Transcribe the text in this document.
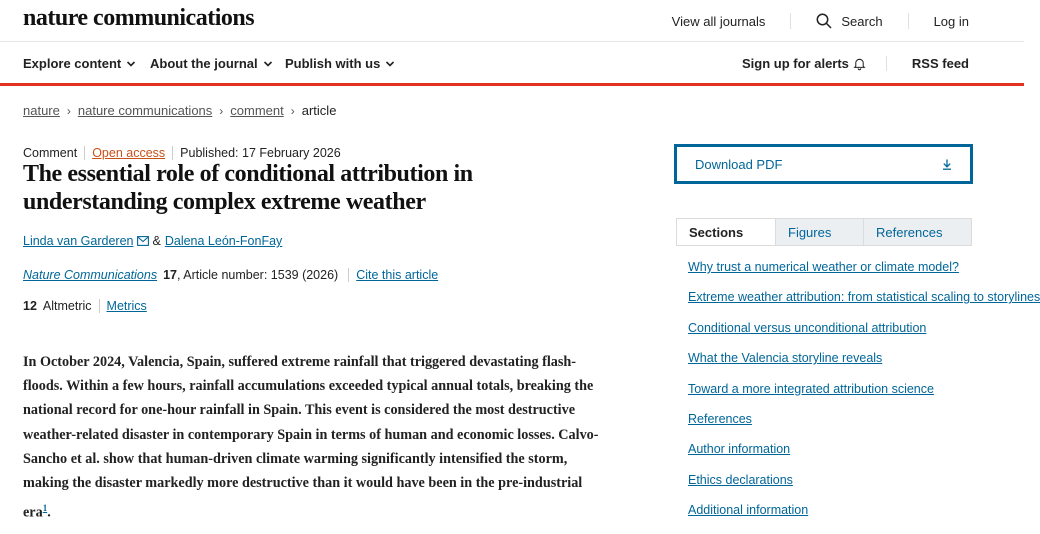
nature communications	View all journals	Search	Log in
Explore content About the journal Publish with us	Sign up for alerts	RSS feed
nature › nature communications › comment › article
Comment	Open access	Published: 17 February 2026
The essential role of conditional attribution in understanding complex extreme weather
Linda van Garderen & Dalena León-FonFay
Nature Communications 17 , Article number: 1539 (2026)	Cite this article
12 Altmetric	Metrics

In October 2024, Valencia, Spain, suffered extreme rainfall that triggered devastating flash-floods. Within a few hours, rainfall accumulations exceeded typical annual totals, breaking the national record for one-hour rainfall in Spain. This event is considered the most destructive weather-related disaster in contemporary Spain in terms of human and economic losses. Calvo-Sancho et al. show that human-driven climate warming significantly intensified the storm, making the disaster markedly more destructive than it would have been in the pre-industrial era$^1$.

Download PDF
Sections	Figures	References
Why trust a numerical weather or climate model?
Extreme weather attribution: from statistical scaling to storylines
Conditional versus unconditional attribution
What the Valencia storyline reveals
Toward a more integrated attribution science
References
Author information
Ethics declarations
Additional information
